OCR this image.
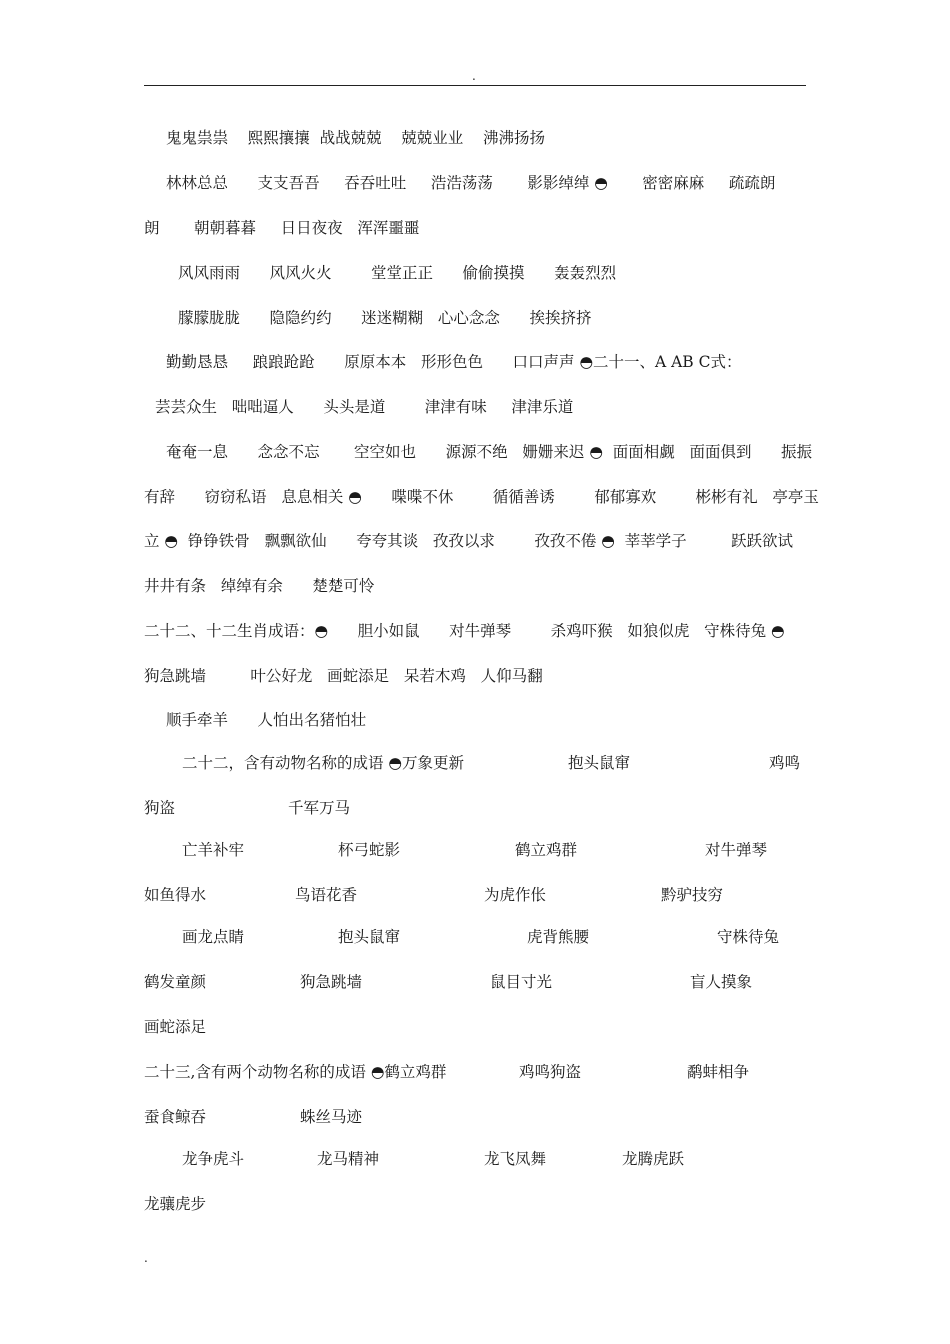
.
鬼鬼祟祟    熙熙攘攘  战战兢兢    兢兢业业    沸沸扬扬
林林总总      支支吾吾     吞吞吐吐     浩浩荡荡       影影绰绰 ◓       密密麻麻     疏疏朗
朗       朝朝暮暮     日日夜夜   浑浑噩噩
风风雨雨      风风火火        堂堂正正      偷偷摸摸      轰轰烈烈
朦朦胧胧      隐隐约约      迷迷糊糊   心心念念      挨挨挤挤
勤勤恳恳     踉踉跄跄      原原本本   形形色色      口口声声 ◓二十一、A AB C式：
芸芸众生   咄咄逼人      头头是道        津津有味     津津乐道
奄奄一息      念念不忘       空空如也      源源不绝   姗姗来迟 ◓  面面相觑   面面俱到      振振
有辞      窃窃私语   息息相关 ◓      喋喋不休        循循善诱        郁郁寡欢        彬彬有礼   亭亭玉
立 ◓  铮铮铁骨   飘飘欲仙      夸夸其谈   孜孜以求        孜孜不倦 ◓  莘莘学子         跃跃欲试
井井有条   绰绰有余      楚楚可怜
二十二、十二生肖成语：◓      胆小如鼠      对牛弹琴        杀鸡吓猴   如狼似虎   守株待兔 ◓
狗急跳墙         叶公好龙   画蛇添足   呆若木鸡   人仰马翻
顺手牵羊      人怕出名猪怕壮
二十二，含有动物名称的成语 ◓万象更新	抱头鼠窜	鸡鸣
狗盗	千军万马
亡羊补牢	杯弓蛇影	鹤立鸡群	对牛弹琴
如鱼得水	鸟语花香	为虎作伥	黔驴技穷
画龙点睛	抱头鼠窜	虎背熊腰	守株待兔
鹤发童颜	狗急跳墙	鼠目寸光	盲人摸象
画蛇添足
二十三,含有两个动物名称的成语 ◓鹤立鸡群	鸡鸣狗盗	鹬蚌相争
蚕食鲸吞	蛛丝马迹
龙争虎斗	龙马精神	龙飞凤舞	龙腾虎跃
龙骧虎步
.
